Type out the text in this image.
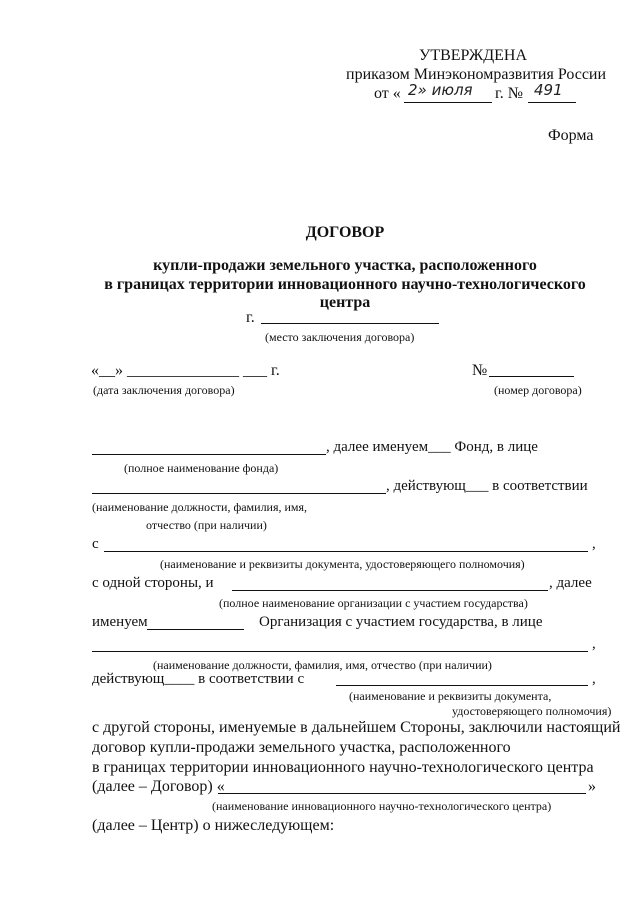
УТВЕРЖДЕНА
приказом Минэкономразвития России
от « 2» июля г. № 491
Форма
ДОГОВОР
купли-продажи земельного участка, расположенного
в границах территории инновационного научно-технологического
центра
г.
(место заключения договора)
«__» ______________ ___ г.
(дата заключения договора)
№
(номер договора)
, далее именуем___ Фонд, в лице
(полное наименование фонда)
, действующ___ в соответствии
(наименование должности, фамилия, имя,
отчество (при наличии)
с	,
(наименование и реквизиты документа, удостоверяющего полномочия)
с одной стороны, и	, далее
(полное наименование организации с участием государства)
именуем	Организация с участием государства, в лице
,
(наименование должности, фамилия, имя, отчество (при наличии)
действующ____ в соответствии с	,
(наименование и реквизиты документа,
удостоверяющего полномочия)
с другой стороны, именуемые в дальнейшем Стороны, заключили настоящий
договор купли-продажи земельного участка, расположенного
в границах территории инновационного научно-технологического центра
(далее – Договор) «	»
(наименование инновационного научно-технологического центра)
(далее – Центр) о нижеследующем:
